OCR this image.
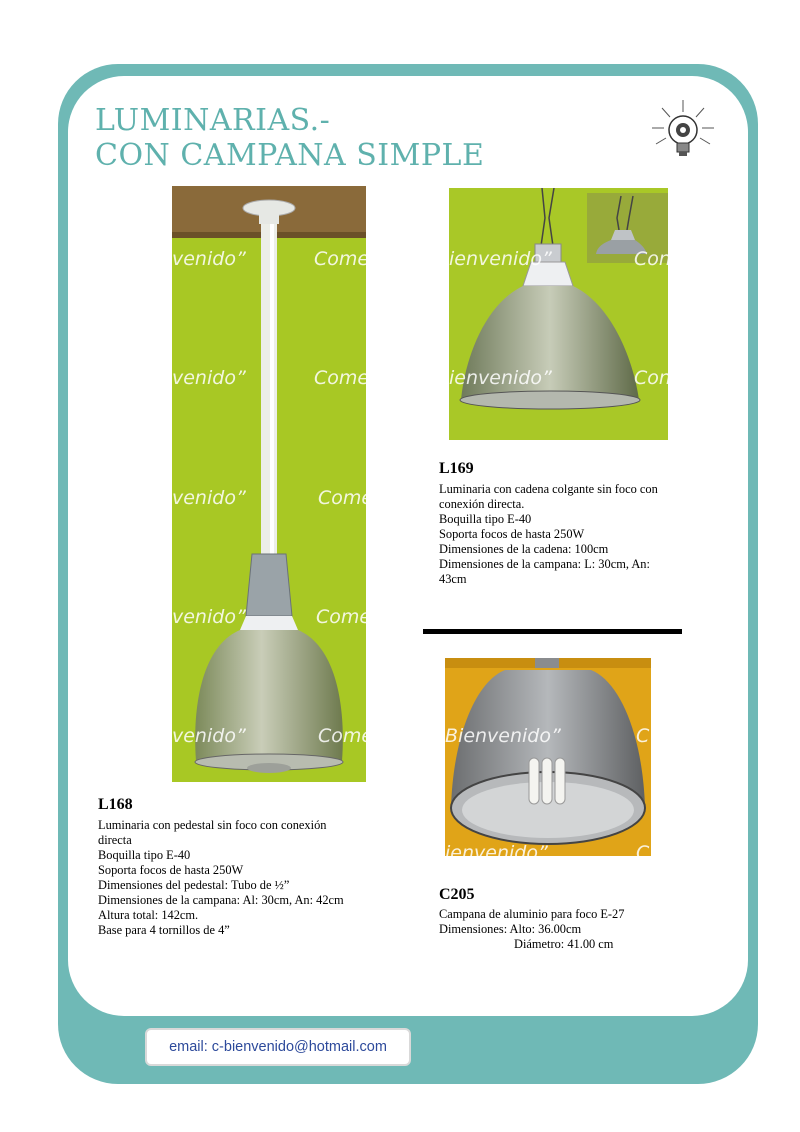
LUMINARIAS.-
CON CAMPANA SIMPLE
venido”	Come	ienvenido”	Con
venido”	Come	ienvenido”	Con
venido”	Come
venido”	Come
venido”	Come	Bienvenido”	C
ienvenido”	C
L169
Luminaria con cadena colgante sin foco con
conexión directa.
Boquilla tipo E-40
Soporta focos de hasta 250W
Dimensiones de la cadena: 100cm
Dimensiones de la campana: L: 30cm, An:
43cm
L168
Luminaria con pedestal sin foco con conexión
directa
Boquilla tipo E-40
Soporta focos de hasta 250W
Dimensiones del pedestal: Tubo de ½”
Dimensiones de la campana: Al: 30cm, An: 42cm
Altura total: 142cm.
Base para 4 tornillos de 4”
C205
Campana de aluminio para foco E-27
Dimensiones: Alto: 36.00cm
Diámetro: 41.00 cm
email: c-bienvenido@hotmail.com
